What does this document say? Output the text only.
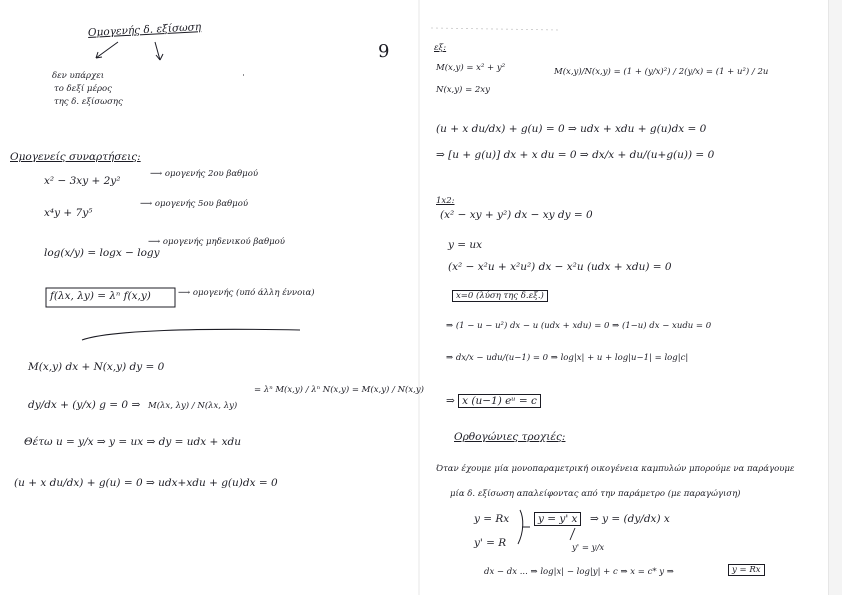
Ομογενής δ. εξίσωση
δεν υπάρχει
το δεξί μέρος
της δ. εξίσωσης
Ομογενείς συναρτήσεις:
x² − 3xy + 2y²
⟶ ομογενής 2ου βαθμού
x⁴y + 7y⁵
⟶ ομογενής 5ου βαθμού
log(x/y) = logx − logy
⟶ ομογενής μηδενικού βαθμού
f(λx, λy) = λⁿ f(x,y)	⟶ ομογενής (υπό άλλη έννοια)
M(x,y) dx + N(x,y) dy = 0
dy/dx + (y/x) g = 0 ⇒ M(λx, λy) / N(λx, λy)
= λⁿ M(x,y) / λⁿ N(x,y) = M(x,y) / N(x,y)
Θέτω u = y/x ⇒ y = ux ⇒ dy = udx + xdu
(u + x du/dx) + g(u) = 0 ⇒ udx+xdu + g(u)dx = 0
9	εξ:
M(x,y) = x² + y²
N(x,y) = 2xy
M(x,y)/N(x,y) = (1 + (y/x)²) / 2(y/x) = (1 + u²) / 2u
(u + x du/dx) + g(u) = 0 ⇒ udx + xdu + g(u)dx = 0
⇒ [u + g(u)] dx + x du = 0 ⇒ dx/x + du/(u+g(u)) = 0
1x2:
(x² − xy + y²) dx − xy dy = 0
y = ux
(x² − x²u + x²u²) dx − x²u (udx + xdu) = 0
x=0 (λύση της δ.εξ.)
⇒ (1 − u − u²) dx − u (udx + xdu) = 0 ⇒ (1−u) dx − xudu = 0
⇒ dx/x − udu/(u−1) = 0 ⇒ log|x| + u + log|u−1| = log|c|
⇒ x (u−1) eᵘ = c
Ορθογώνιες τροχιές:
Όταν έχουμε μία μονοπαραμετρική οικογένεια καμπυλών μπορούμε να παράγουμε
μία δ. εξίσωση απαλείφοντας από την παράμετρο (με παραγώγιση)
y = Rx
y' = R
y = y' x	⇒ y = (dy/dx) x
y' = y/x
dx − dx ... ⇒ log|x| − log|y| + c ⇒ x = c* y ⇒	y = Rx
